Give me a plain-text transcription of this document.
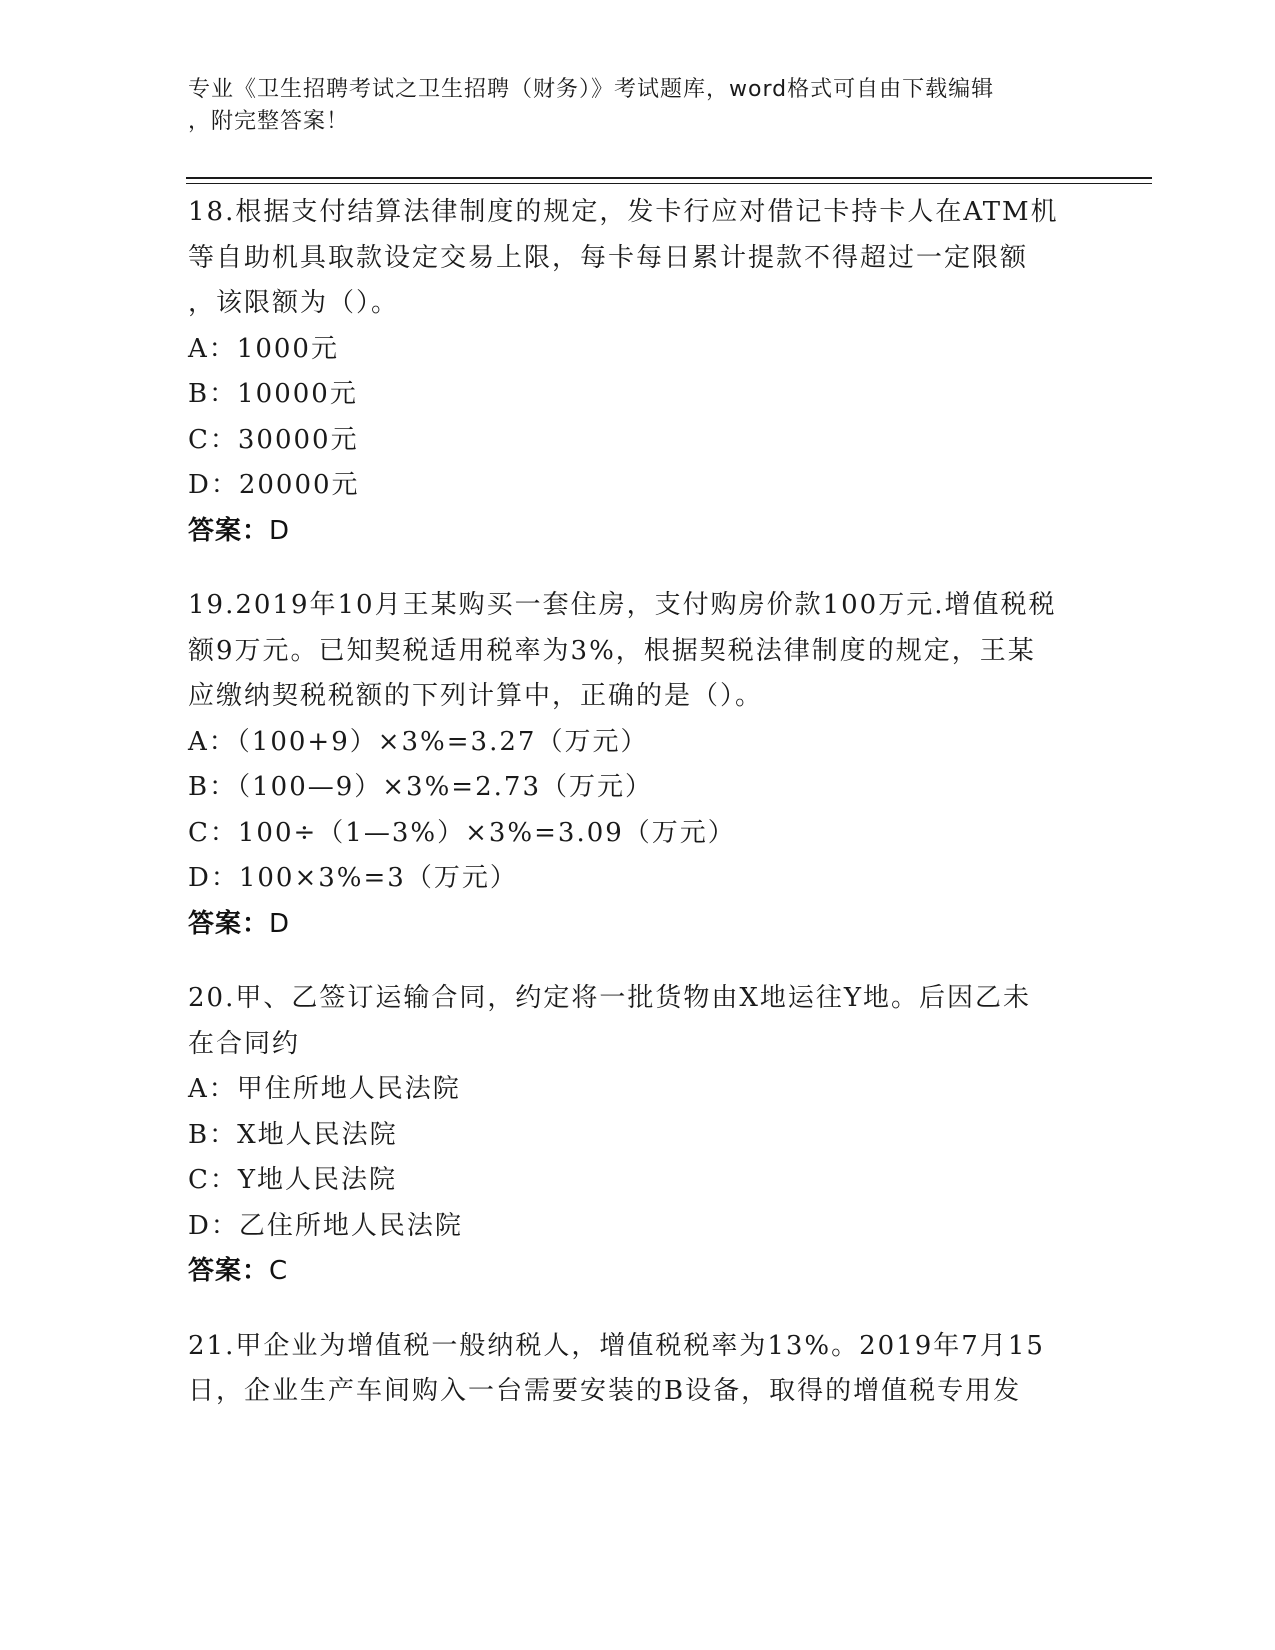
专业《卫生招聘考试之卫生招聘（财务）》考试题库，word格式可自由下载编辑
，附完整答案！
18.根据支付结算法律制度的规定，发卡行应对借记卡持卡人在ATM机
等自助机具取款设定交易上限，每卡每日累计提款不得超过一定限额
，该限额为（）。
A：1000元
B：10000元
C：30000元
D：20000元
答案：D
19.2019年10月王某购买一套住房，支付购房价款100万元.增值税税
额9万元。已知契税适用税率为3%，根据契税法律制度的规定，王某
应缴纳契税税额的下列计算中，正确的是（）。
A：（100+9）×3%=3.27（万元）
B：（100—9）×3%=2.73（万元）
C：100÷（1—3%）×3%=3.09（万元）
D：100×3%=3（万元）
答案：D
20.甲、乙签订运输合同，约定将一批货物由X地运往Y地。后因乙未
在合同约
A：甲住所地人民法院
B：X地人民法院
C：Y地人民法院
D：乙住所地人民法院
答案：C
21.甲企业为增值税一般纳税人，增值税税率为13%。2019年7月15
日，企业生产车间购入一台需要安装的B设备，取得的增值税专用发
